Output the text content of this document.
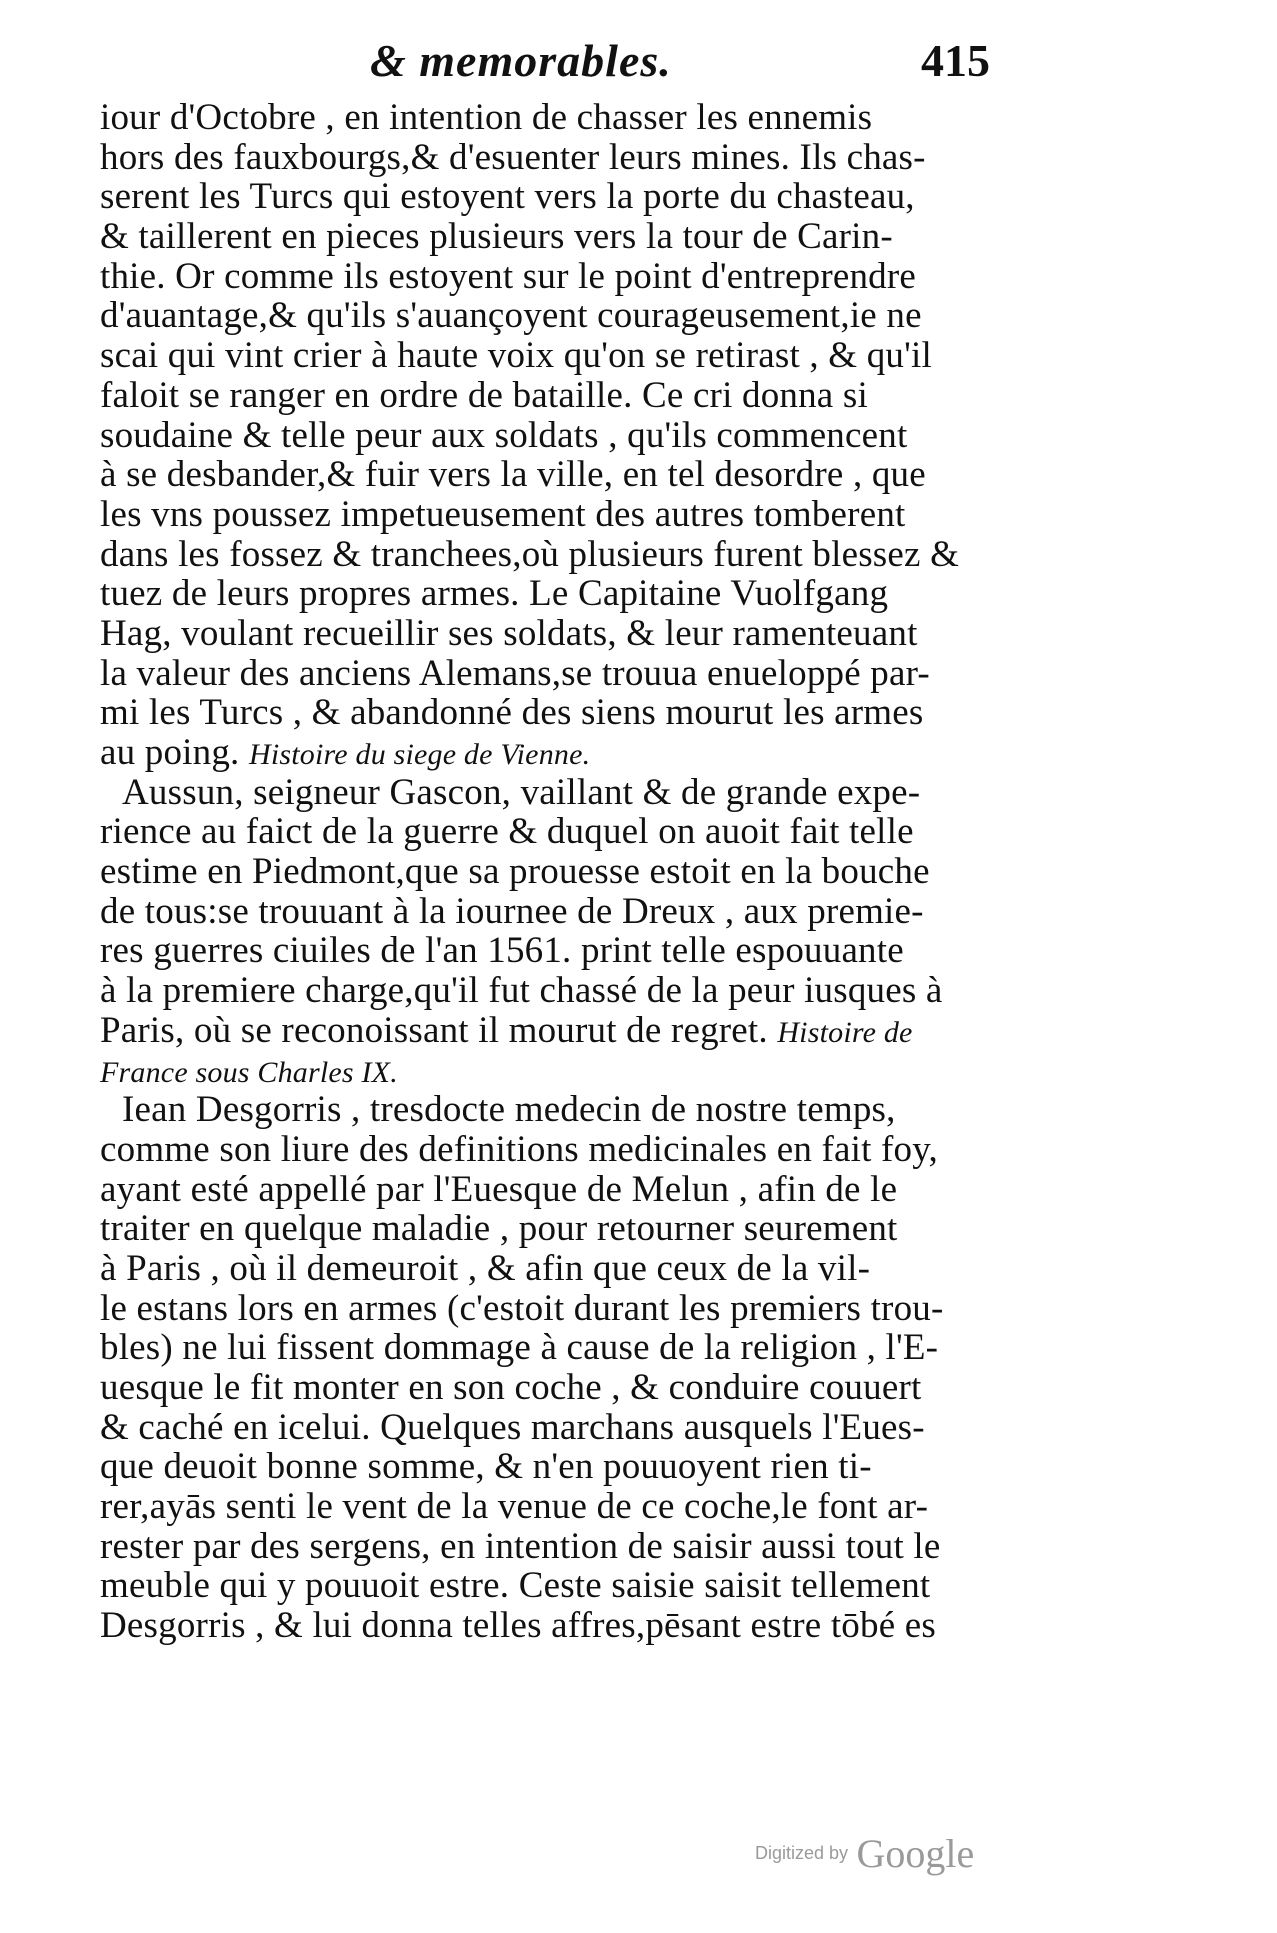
& memorables.	415
iour d'Octobre , en intention de chasser les ennemis
hors des fauxbourgs,& d'esuenter leurs mines. Ils chas-
serent les Turcs qui estoyent vers la porte du chasteau,
& taillerent en pieces plusieurs vers la tour de Carin-
thie. Or comme ils estoyent sur le point d'entreprendre
d'auantage,& qu'ils s'auançoyent courageusement,ie ne
scai qui vint crier à haute voix qu'on se retirast , & qu'il
faloit se ranger en ordre de bataille. Ce cri donna si
soudaine & telle peur aux soldats , qu'ils commencent
à se desbander,& fuir vers la ville, en tel desordre , que
les vns poussez impetueusement des autres tomberent
dans les fossez & tranchees,où plusieurs furent blessez &
tuez de leurs propres armes. Le Capitaine Vuolfgang
Hag, voulant recueillir ses soldats, & leur ramenteuant
la valeur des anciens Alemans,se trouua enueloppé par-
mi les Turcs , & abandonné des siens mourut les armes
au poing. Histoire du siege de Vienne.
Aussun, seigneur Gascon, vaillant & de grande expe-
rience au faict de la guerre & duquel on auoit fait telle
estime en Piedmont,que sa prouesse estoit en la bouche
de tous:se trouuant à la iournee de Dreux , aux premie-
res guerres ciuiles de l'an 1561. print telle espouuante
à la premiere charge,qu'il fut chassé de la peur iusques à
Paris, où se reconoissant il mourut de regret. Histoire de
France sous Charles IX.
Iean Desgorris , tresdocte medecin de nostre temps,
comme son liure des definitions medicinales en fait foy,
ayant esté appellé par l'Euesque de Melun , afin de le
traiter en quelque maladie , pour retourner seurement
à Paris , où il demeuroit , & afin que ceux de la vil-
le estans lors en armes (c'estoit durant les premiers trou-
bles) ne lui fissent dommage à cause de la religion , l'E-
uesque le fit monter en son coche , & conduire couuert
& caché en icelui. Quelques marchans ausquels l'Eues-
que deuoit bonne somme, & n'en pouuoyent rien ti-
rer,ayās senti le vent de la venue de ce coche,le font ar-
rester par des sergens, en intention de saisir aussi tout le
meuble qui y pouuoit estre. Ceste saisie saisit tellement
Desgorris , & lui donna telles affres,pēsant estre tōbé es
Digitized by Google
